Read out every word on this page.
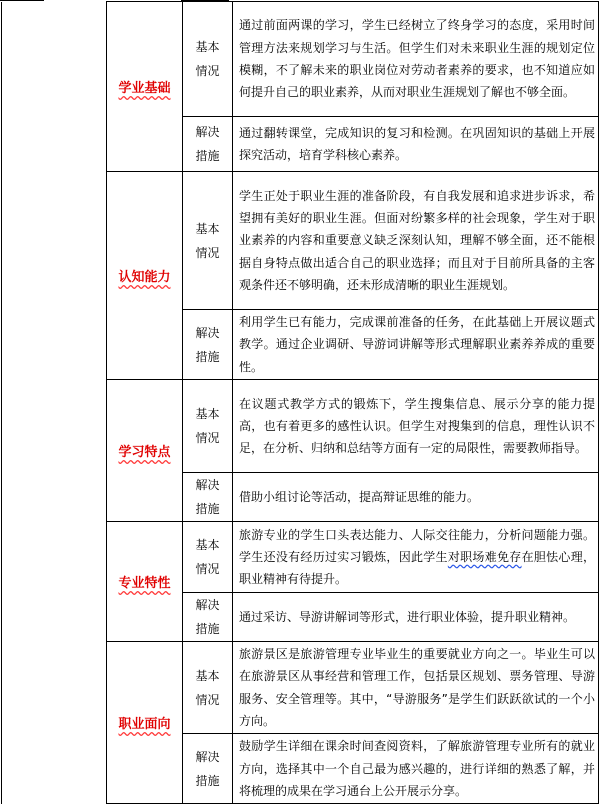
	学业基础	基本情况	通过前面两课的学习，学生已经树立了终身学习的态度，采用时间管理方法来规划学习与生活。但学生们对未来职业生涯的规划定位模糊，不了解未来的职业岗位对劳动者素养的要求，也不知道应如何提升自己的职业素养，从而对职业生涯规划了解也不够全面。

		解决措施	通过翻转课堂，完成知识的复习和检测。在巩固知识的基础上开展探究活动，培育学科核心素养。
	认知能力	基本情况	学生正处于职业生涯的准备阶段，有自我发展和追求进步诉求，希望拥有美好的职业生涯。但面对纷繁多样的社会现象，学生对于职业素养的内容和重要意义缺乏深刻认知，理解不够全面，还不能根据自身特点做出适合自己的职业选择；而且对于目前所具备的主客观条件还不够明确，还未形成清晰的职业生涯规划。

		解决措施	利用学生已有能力，完成课前准备的任务，在此基础上开展议题式教学。通过企业调研、导游词讲解等形式理解职业素养养成的重要性。
	学习特点	基本情况	在议题式教学方式的锻炼下，学生搜集信息、展示分享的能力提高，也有着更多的感性认识。但学生对搜集到的信息，理性认识不足，在分析、归纳和总结等方面有一定的局限性，需要教师指导。

		解决措施	借助小组讨论等活动，提高辩证思维的能力。
	专业特性	基本情况	旅游专业的学生口头表达能力、人际交往能力，分析问题能力强。学生还没有经历过实习锻炼，因此学生对职场难免存在胆怯心理，职业精神有待提升。

		解决措施	通过采访、导游讲解词等形式，进行职业体验，提升职业精神。
	职业面向	基本情况	旅游景区是旅游管理专业毕业生的重要就业方向之一。毕业生可以在旅游景区从事经营和管理工作，包括景区规划、票务管理、导游服务、安全管理等。其中，“导游服务”是学生们跃跃欲试的一个小方向。

		解决措施	鼓励学生详细在课余时间查阅资料，了解旅游管理专业所有的就业方向，选择其中一个自己最为感兴趣的，进行详细的熟悉了解，并将梳理的成果在学习通台上公开展示分享。
